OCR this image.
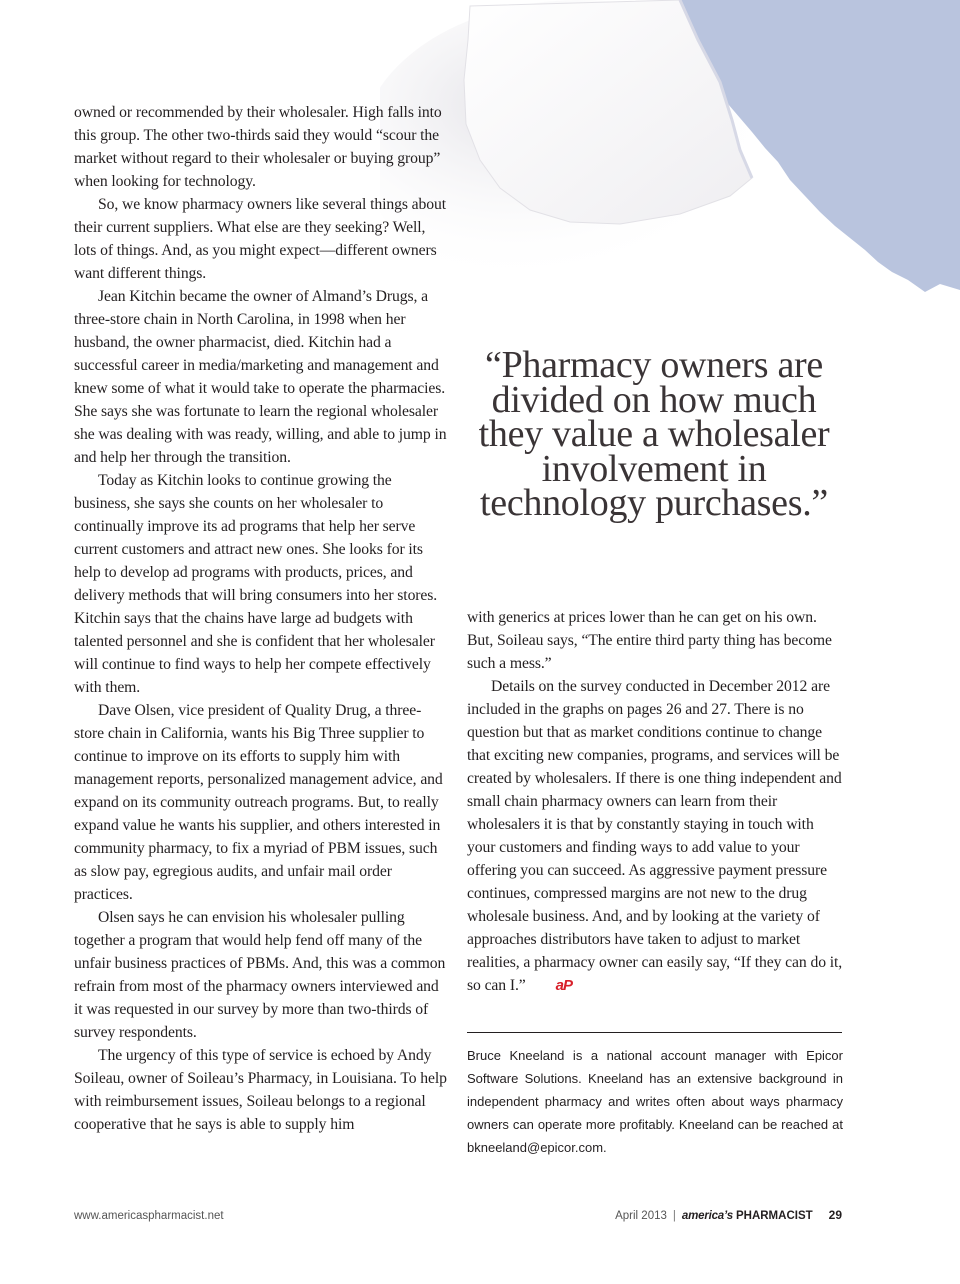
owned or recommended by their wholesaler. High falls into this group. The other two-thirds said they would “scour the market without regard to their wholesaler or buying group” when looking for technology.

So, we know pharmacy owners like several things about their current suppliers. What else are they seeking? Well, lots of things. And, as you might expect—different owners want different things.

Jean Kitchin became the owner of Almand’s Drugs, a three-store chain in North Carolina, in 1998 when her husband, the owner pharmacist, died. Kitchin had a successful career in media/marketing and management and knew some of what it would take to operate the pharmacies. She says she was fortunate to learn the regional wholesaler she was dealing with was ready, willing, and able to jump in and help her through the transition.

Today as Kitchin looks to continue growing the business, she says she counts on her wholesaler to continually improve its ad programs that help her serve current customers and attract new ones. She looks for its help to develop ad programs with products, prices, and delivery methods that will bring consumers into her stores. Kitchin says that the chains have large ad budgets with talented personnel and she is confident that her wholesaler will continue to find ways to help her compete effectively with them.

Dave Olsen, vice president of Quality Drug, a three-store chain in California, wants his Big Three supplier to continue to improve on its efforts to supply him with management reports, personalized management advice, and expand on its community outreach programs. But, to really expand value he wants his supplier, and others interested in community pharmacy, to fix a myriad of PBM issues, such as slow pay, egregious audits, and unfair mail order practices.

Olsen says he can envision his wholesaler pulling together a program that would help fend off many of the unfair business practices of PBMs. And, this was a common refrain from most of the pharmacy owners interviewed and it was requested in our survey by more than two-thirds of survey respondents.

The urgency of this type of service is echoed by Andy Soileau, owner of Soileau’s Pharmacy, in Louisiana. To help with reimbursement issues, Soileau belongs to a regional cooperative that he says is able to supply him

“Pharmacy owners are divided on how much they value a wholesaler involvement in technology purchases.”

with generics at prices lower than he can get on his own. But, Soileau says, “The entire third party thing has become such a mess.”

Details on the survey conducted in December 2012 are included in the graphs on pages 26 and 27. There is no question but that as market conditions continue to change that exciting new companies, programs, and services will be created by wholesalers. If there is one thing independent and small chain pharmacy owners can learn from their wholesalers it is that by constantly staying in touch with your customers and finding ways to add value to your offering you can succeed. As aggressive payment pressure continues, compressed margins are not new to the drug wholesale business. And, and by looking at the variety of approaches distributors have taken to adjust to market realities, a pharmacy owner can easily say, “If they can do it, so can I.” aP

Bruce Kneeland is a national account manager with Epicor Software Solutions. Kneeland has an extensive background in independent pharmacy and writes often about ways pharmacy owners can operate more profitably. Kneeland can be reached at bkneeland@epicor.com.
www.americaspharmacist.net	April 2013 | america’s PHARMACIST 29
